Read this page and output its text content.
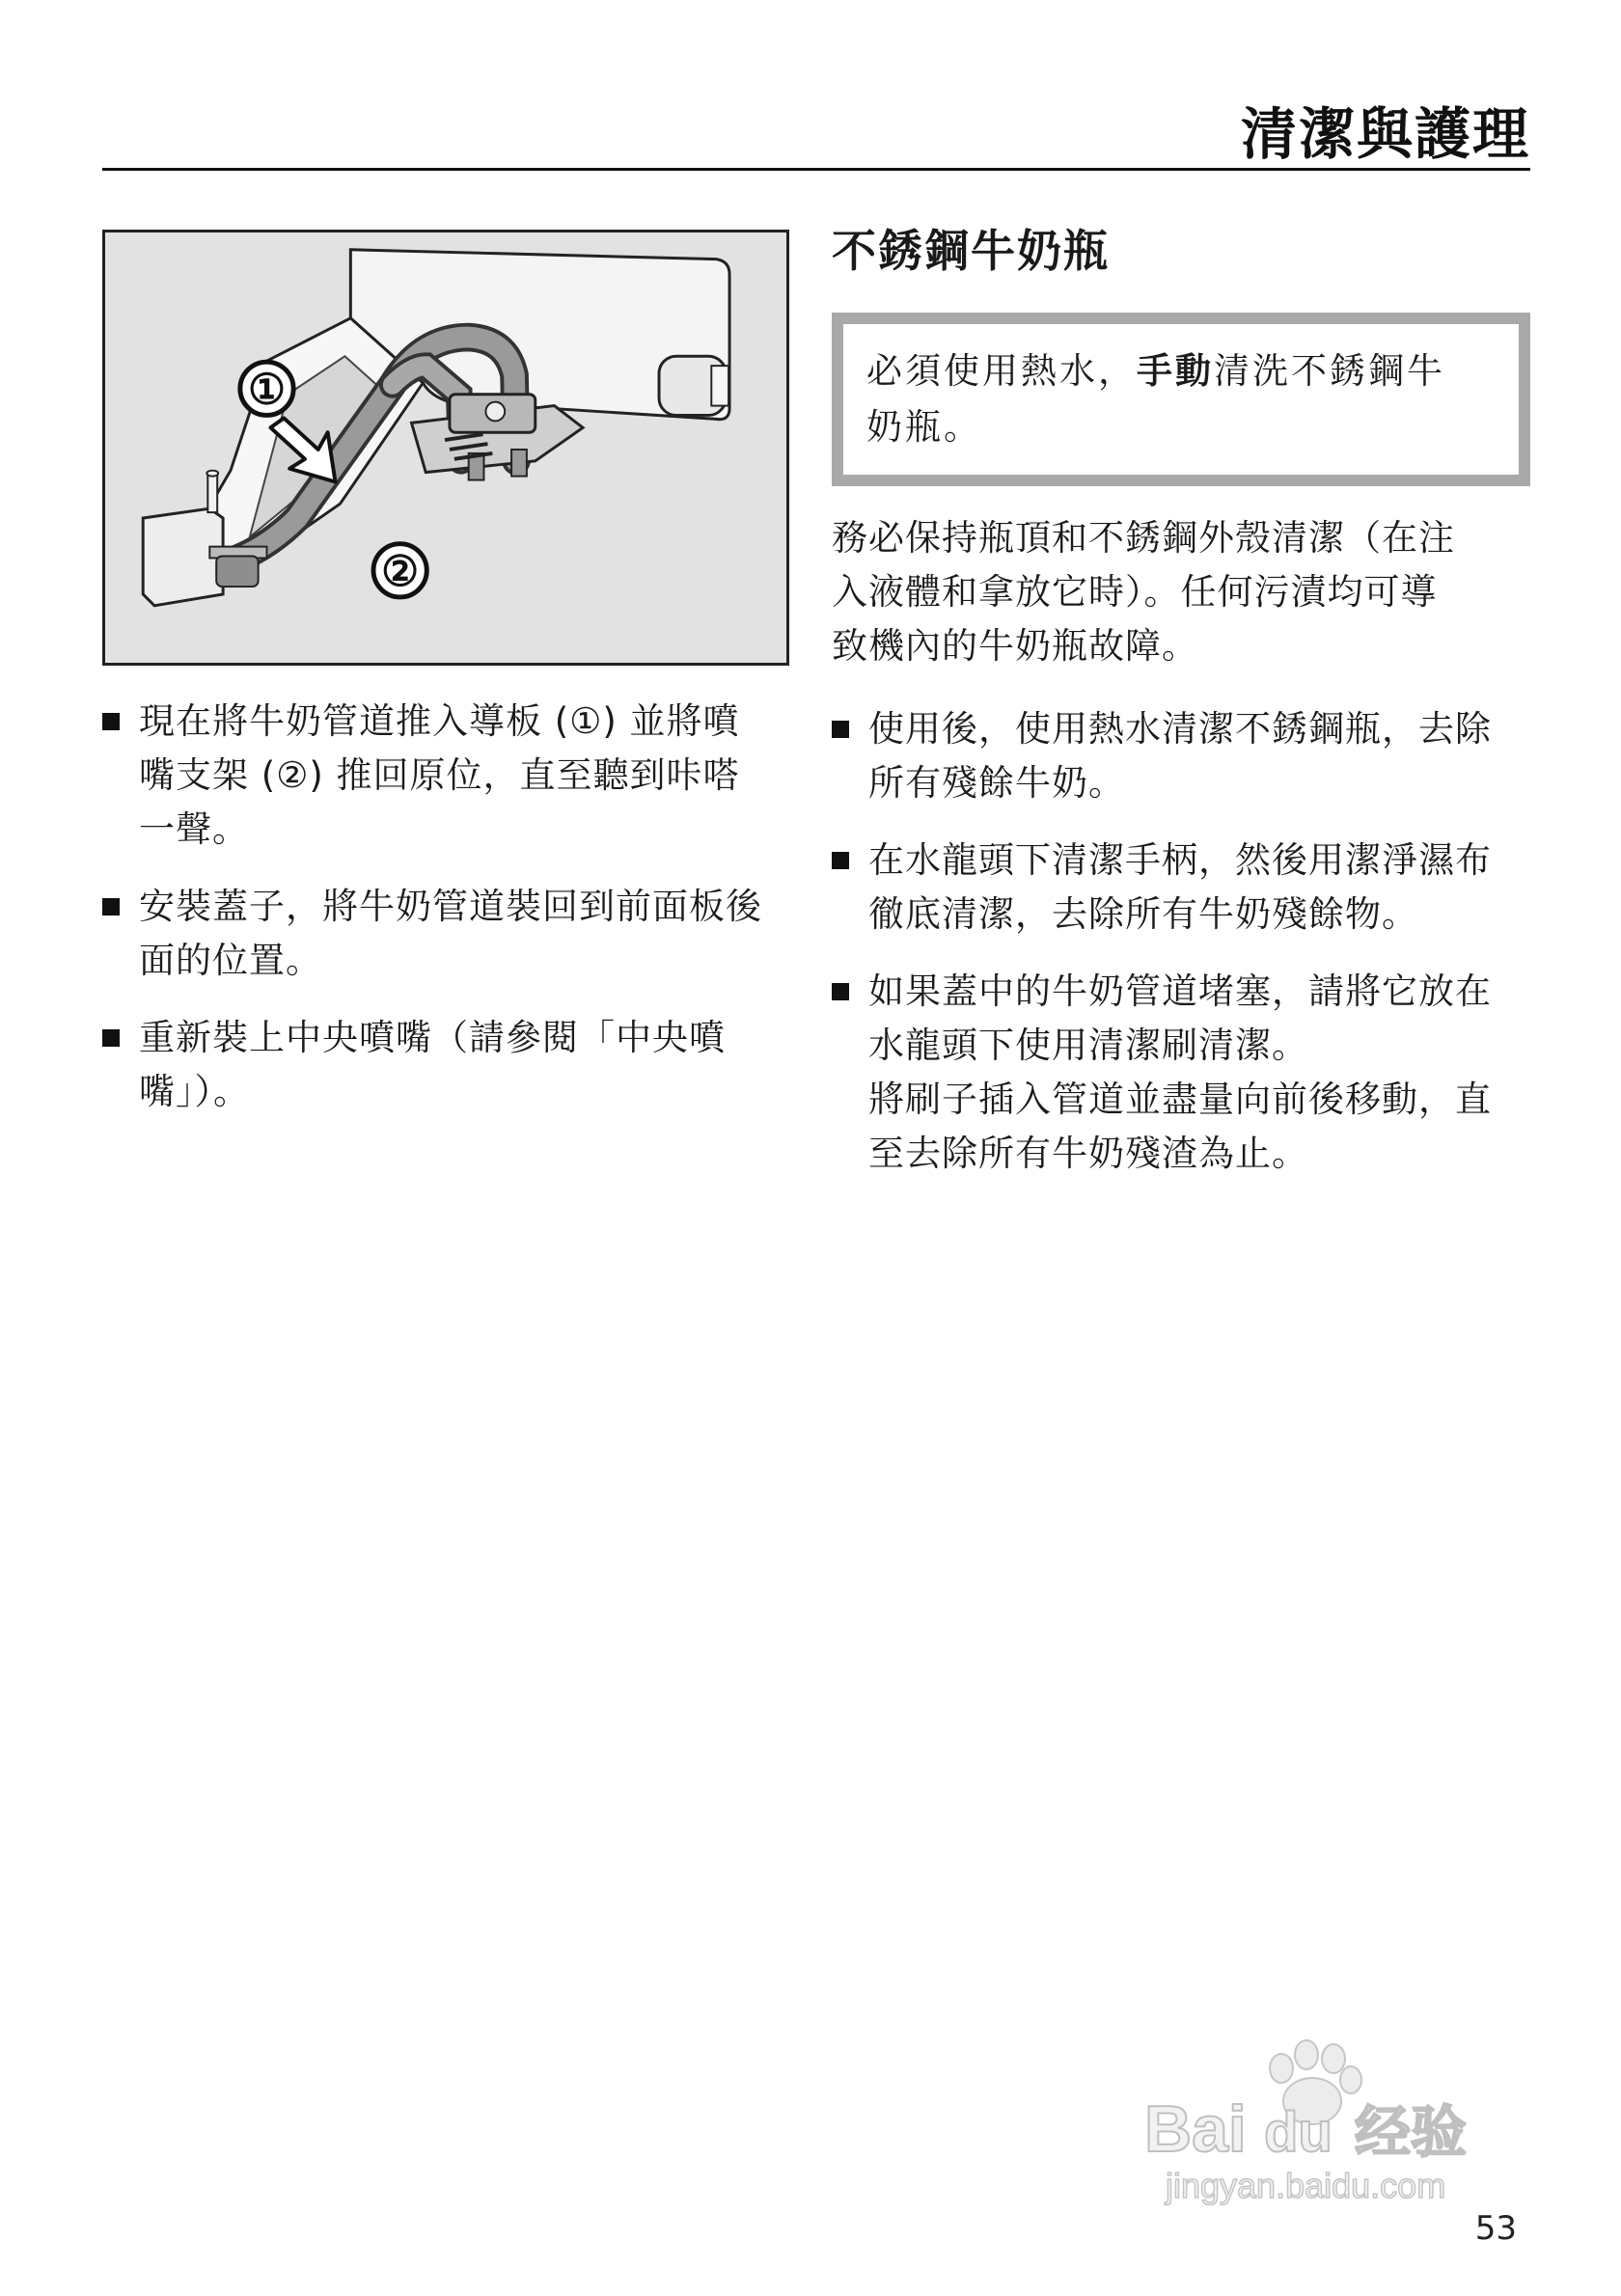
清潔與護理
①
②
現在將牛奶管道推入導板 (①) 並將噴
嘴支架 (②) 推回原位，直至聽到咔嗒
一聲。
安裝蓋子，將牛奶管道裝回到前面板後
面的位置。
重新裝上中央噴嘴（請參閱「中央噴
嘴」）。
不銹鋼牛奶瓶
必須使用熱水，手動清洗不銹鋼牛
奶瓶。
務必保持瓶頂和不銹鋼外殼清潔（在注
入液體和拿放它時）。任何污漬均可導
致機內的牛奶瓶故障。
使用後，使用熱水清潔不銹鋼瓶，去除
所有殘餘牛奶。
在水龍頭下清潔手柄，然後用潔淨濕布
徹底清潔，去除所有牛奶殘餘物。
如果蓋中的牛奶管道堵塞，請將它放在
水龍頭下使用清潔刷清潔。
將刷子插入管道並盡量向前後移動，直
至去除所有牛奶殘渣為止。
Bai du 经验
jingyan.baidu.com
53
